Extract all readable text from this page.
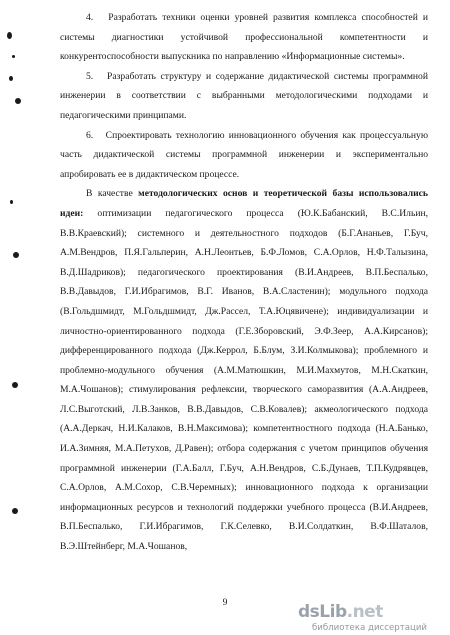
4.   Разработать техники оценки уровней развития комплекса способностей и системы диагностики устойчивой профессиональной компетентности и конкурентоспособности выпускника по направлению «Информационные системы».

5.   Разработать структуру и содержание дидактической системы программной инженерии в соответствии с выбранными методологическими подходами и педагогическими принципами.

6.   Спроектировать технологию инновационного обучения как процессуальную часть дидактической системы программной инженерии и экспериментально апробировать ее в дидактическом процессе.

В качестве методологических основ и теоретической базы использовались идеи: оптимизации педагогического процесса (Ю.К.Бабанский, В.С.Ильин, В.В.Краевский); системного и деятельностного подходов (Б.Г.Ананьев, Г.Буч, А.М.Вендров, П.Я.Гальперин, А.Н.Леонтьев, Б.Ф.Ломов, С.А.Орлов, Н.Ф.Талызина, В.Д.Шадриков); педагогического проектирования (В.И.Андреев, В.П.Беспалько, В.В.Давыдов, Г.И.Ибрагимов, В.Г. Иванов, В.А.Сластенин); модульного подхода (В.Гольдшмидт, М.Гольдшмидт, Дж.Рассел, Т.А.Юцявичене); индивидуализации и личностно-ориентированного подхода (Г.Е.Зборовский, Э.Ф.Зеер, А.А.Кирсанов); дифференцированного подхода (Дж.Керрол, Б.Блум, З.И.Колмыкова); проблемного и проблемно-модульного обучения (А.М.Матюшкин, М.И.Махмутов, М.Н.Скаткин, М.А.Чошанов); стимулирования рефлексии, творческого саморазвития (А.А.Андреев, Л.С.Выготский, Л.В.Занков, В.В.Давыдов, С.В.Ковалев); акмеологического подхода (А.А.Деркач, Н.И.Калаков, В.Н.Максимова); компетентностного подхода (Н.А.Банько, И.А.Зимняя, М.А.Петухов, Д.Равен); отбора содержания с учетом принципов обучения программной инженерии (Г.А.Балл, Г.Буч, А.Н.Вендров, С.Б.Дунаев, Т.П.Кудрявцев, С.А.Орлов, А.М.Сохор, С.В.Черемных); инновационного подхода к организации информационных ресурсов и технологий поддержки учебного процесса (В.И.Андреев, В.П.Беспалько, Г.И.Ибрагимов, Г.К.Селевко, В.И.Солдаткин, В.Ф.Шаталов, В.Э.Штейнберг, М.А.Чошанов,

9	dsLib.net
библиотека диссертаций
